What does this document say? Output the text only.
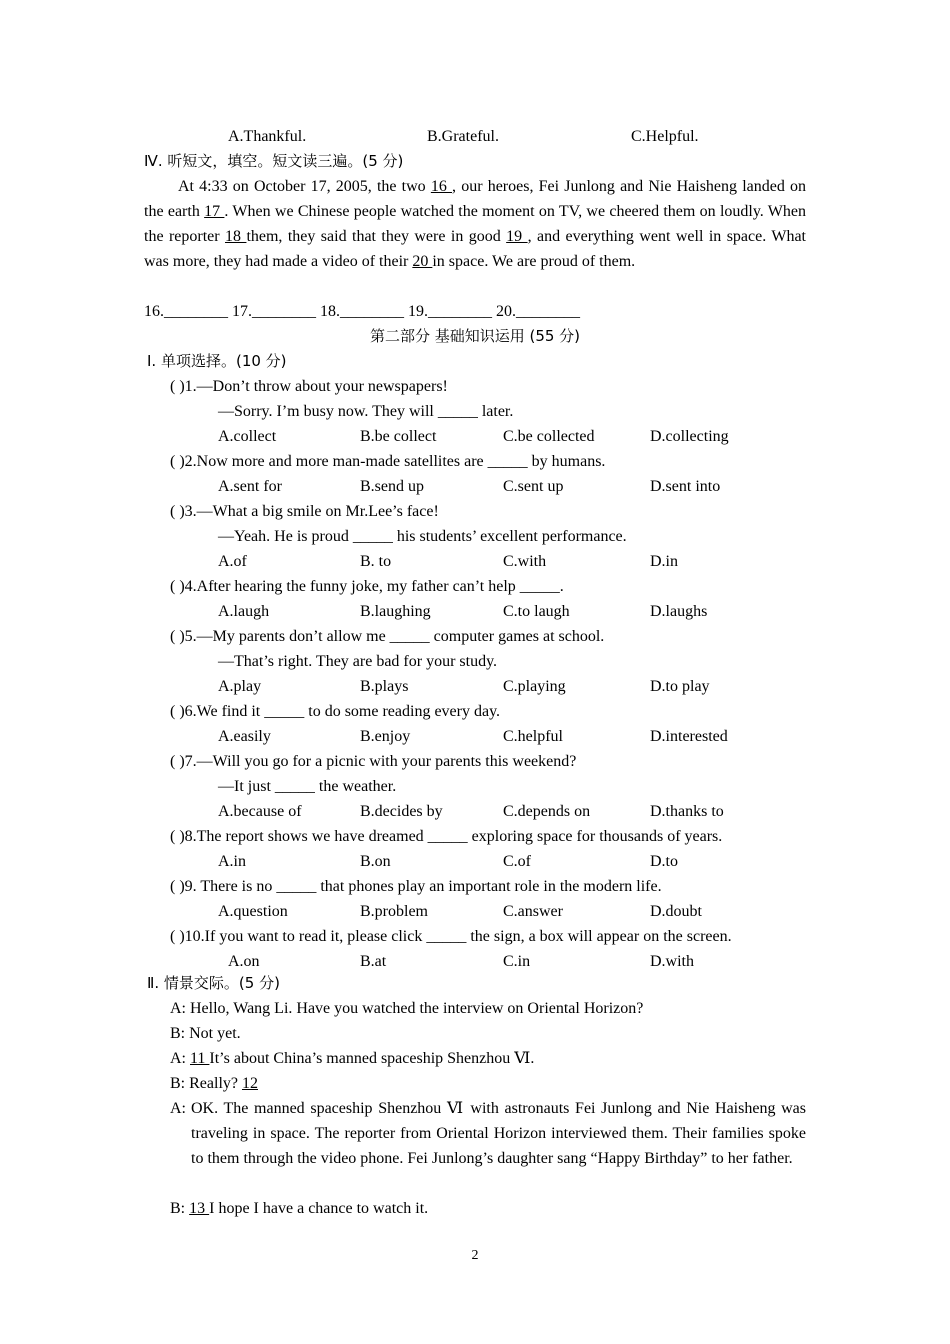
A.Thankful.	B.Grateful.	C.Helpful.
Ⅳ. 听短文，填空。短文读三遍。(5 分)

At 4:33 on October 17, 2005, the two 16 , our heroes, Fei Junlong and Nie Haisheng landed on the earth 17 . When we Chinese people watched the moment on TV, we cheered them on loudly. When the reporter 18 them, they said that they were in good 19 , and everything went well in space. What was more, they had made a video of their 20 in space. We are proud of them.

16.________ 17.________ 18.________ 19.________ 20.________
第二部分 基础知识运用 (55 分)
Ⅰ. 单项选择。(10 分)
( )1.—Don’t throw about your newspapers!
—Sorry. I’m busy now. They will _____ later.
A.collect	B.be collect	C.be collected	D.collecting
( )2.Now more and more man-made satellites are _____ by humans.
A.sent for	B.send up	C.sent up	D.sent into
( )3.—What a big smile on Mr.Lee’s face!
—Yeah. He is proud _____ his students’ excellent performance.
A.of	B. to	C.with	D.in
( )4.After hearing the funny joke, my father can’t help _____.
A.laugh	B.laughing	C.to laugh	D.laughs
( )5.—My parents don’t allow me _____ computer games at school.
—That’s right. They are bad for your study.
A.play	B.plays	C.playing	D.to play
( )6.We find it _____ to do some reading every day.
A.easily	B.enjoy	C.helpful	D.interested
( )7.—Will you go for a picnic with your parents this weekend?
—It just _____ the weather.
A.because of	B.decides by	C.depends on	D.thanks to
( )8.The report shows we have dreamed _____ exploring space for thousands of years.
A.in	B.on	C.of	D.to
( )9. There is no _____ that phones play an important role in the modern life.
A.question	B.problem	C.answer	D.doubt
( )10.If you want to read it, please click _____ the sign, a box will appear on the screen.
A.on	B.at	C.in	D.with
Ⅱ. 情景交际。(5 分)
A: Hello, Wang Li. Have you watched the interview on Oriental Horizon?
B: Not yet.
A: 11 It’s about China’s manned spaceship Shenzhou Ⅵ.
B: Really? 12
A: OK. The manned spaceship Shenzhou Ⅵ with astronauts Fei Junlong and Nie Haisheng was traveling in space. The reporter from Oriental Horizon interviewed them. Their families spoke to them through the video phone. Fei Junlong’s daughter sang “Happy Birthday” to her father.

B: 13 I hope I have a chance to watch it.
2
